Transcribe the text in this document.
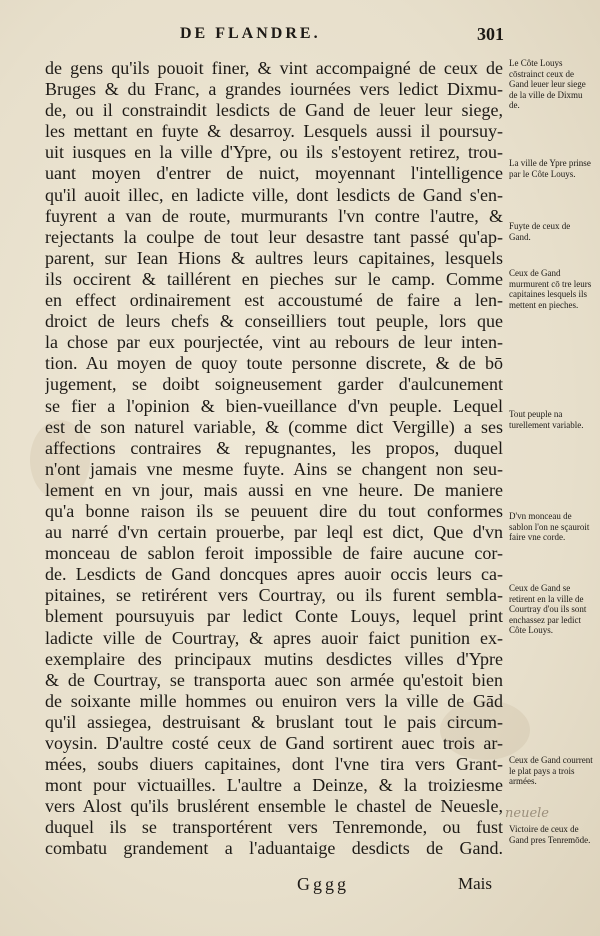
DE FLANDRE.	301
de gens qu'ils pouoit finer, & vint accompaigné de ceux de
Bruges & du Franc, a grandes iournées vers ledict Dixmu-
de, ou il constraindit lesdicts de Gand de leuer leur siege,
les mettant en fuyte & desarroy. Lesquels aussi il poursuy-
uit iusques en la ville d'Ypre, ou ils s'estoyent retirez, trou-
uant moyen d'entrer de nuict, moyennant l'intelligence
qu'il auoit illec, en ladicte ville, dont lesdicts de Gand s'en-
fuyrent a van de route, murmurants l'vn contre l'autre, &
rejectants la coulpe de tout leur desastre tant passé qu'ap-
parent, sur Iean Hions & aultres leurs capitaines, lesquels
ils occirent & taillérent en pieches sur le camp. Comme
en effect ordinairement est accoustumé de faire a len-
droict de leurs chefs & conseilliers tout peuple, lors que
la chose par eux pourjectée, vint au rebours de leur inten-
tion. Au moyen de quoy toute personne discrete, & de bō
jugement, se doibt soigneusement garder d'aulcunement
se fier a l'opinion & bien-vueillance d'vn peuple. Lequel
est de son naturel variable, & (comme dict Vergille) a ses
affections contraires & repugnantes, les propos, duquel
n'ont jamais vne mesme fuyte. Ains se changent non seu-
lement en vn jour, mais aussi en vne heure. De maniere
qu'a bonne raison ils se peuuent dire du tout conformes
au narré d'vn certain prouerbe, par leql est dict, Que d'vn
monceau de sablon feroit impossible de faire aucune cor-
de. Lesdicts de Gand doncques apres auoir occis leurs ca-
pitaines, se retirérent vers Courtray, ou ils furent sembla-
blement poursuyuis par ledict Conte Louys, lequel print
ladicte ville de Courtray, & apres auoir faict punition ex-
exemplaire des principaux mutins desdictes villes d'Ypre
& de Courtray, se transporta auec son armée qu'estoit bien
de soixante mille hommes ou enuiron vers la ville de Gād
qu'il assiegea, destruisant & bruslant tout le pais circum-
voysin. D'aultre costé ceux de Gand sortirent auec trois ar-
mées, soubs diuers capitaines, dont l'vne tira vers Grant-
mont pour victuailles. L'aultre a Deinze, & la troiziesme
vers Alost qu'ils bruslérent ensemble le chastel de Neuesle,
duquel ils se transportérent vers Tenremonde, ou fust
combatu grandement a l'aduantaige desdicts de Gand.
Le Côte Louys cōstrainct ceux de Gand leuer leur siege de la ville de Dixmu de.
La ville de Ypre prinse par le Côte Louys.
Fuyte de ceux de Gand.
Ceux de Gand murmurent cō tre leurs capitaines lesquels ils mettent en pieches.
Tout peuple na turellement variable.
D'vn monceau de sablon l'on ne sçauroit faire vne corde.
Ceux de Gand se retirent en la ville de Courtray d'ou ils sont enchassez par ledict Côte Louys.
Ceux de Gand courrent le plat pays a trois armées.
Victoire de ceux de Gand pres Tenremōde.
neuele
Gggg	Mais
